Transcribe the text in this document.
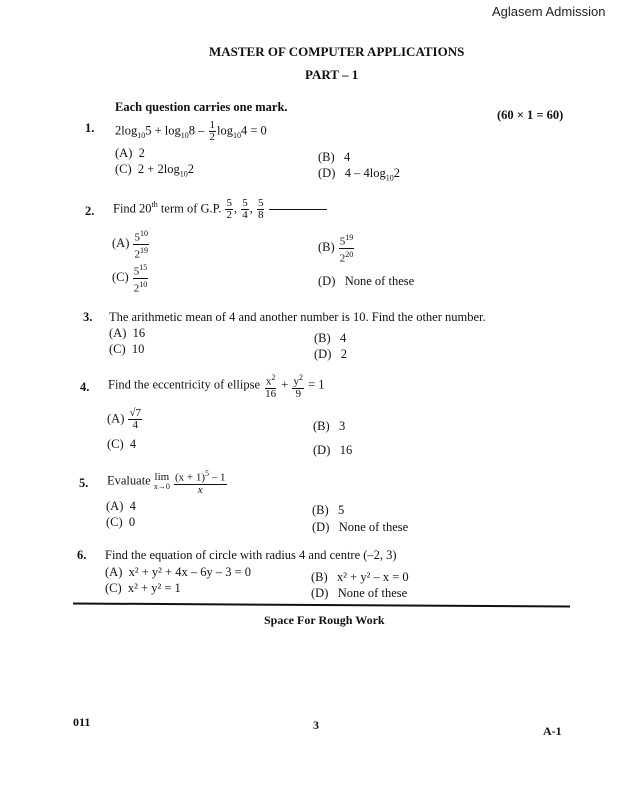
Aglasem Admission
MASTER OF COMPUTER APPLICATIONS
PART – 1
Each question carries one mark.
(60 × 1 = 60)
1. $2\log_{10}5 + \log_{10}8 - \frac{1}{2} \log_{10}4 = 0$
(A) 2	(B) 4
(C) $2 + 2\log_{10}2$	(D) $4 - 4\log_{10}2$
2. Find 20th term of G.P. $\frac{5}{2}$ , $\frac{5}{4}$ , $\frac{5}{8}$

$(A) \frac{5^{10}}{2^{19}}$	$(B) \frac{5^{19}}{2^{20}}$
$(C) \frac{5^{15}}{2^{10}}$	(D) None of these
3. The arithmetic mean of 4 and another number is 10. Find the other number.
(A) 16	(B) 4
(C) 10	(D) 2
4. Find the eccentricity of ellipse $\frac{x^2}{16} + \frac{y^2}{9} = 1$
$(A) \frac{√7}{4}$	(B) 3
(C) 4	(D) 16
5. Evaluate lim
x→0
$\frac{(x + 1)^5 - 1}{x}$
(A) 4	(B) 5
(C) 0	(D) None of these
6. Find the equation of circle with radius 4 and centre (–2, 3)
(A) x² + y² + 4x – 6y – 3 = 0	(B) x² + y² – x = 0
(C) x² + y² = 1	(D) None of these
Space For Rough Work
011	3	A-1
